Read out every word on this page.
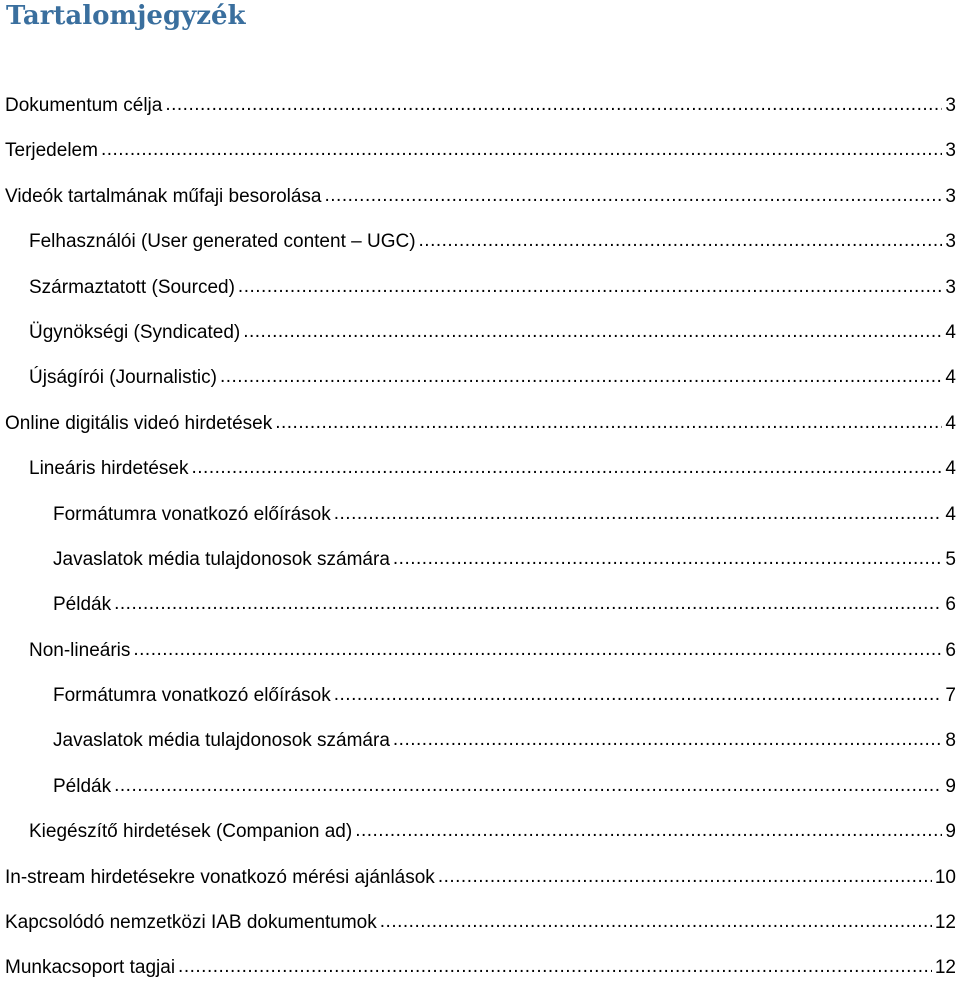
Tartalomjegyzék
Dokumentum célja .....	3
Terjedelem .....	3
Videók tartalmának műfaji besorolása .....	3
Felhasználói (User generated content – UGC) .....	3
Származtatott (Sourced) .....	3
Ügynökségi (Syndicated) .....	4
Újságírói (Journalistic) .....	4
Online digitális videó hirdetések .....	4
Lineáris hirdetések .....	4
Formátumra vonatkozó előírások .....	4
Javaslatok média tulajdonosok számára .....	5
Példák .....	6
Non-lineáris .....	6
Formátumra vonatkozó előírások .....	7
Javaslatok média tulajdonosok számára .....	8
Példák .....	9
Kiegészítő hirdetések (Companion ad) .....	9
In-stream hirdetésekre vonatkozó mérési ajánlások .....	10
Kapcsolódó nemzetközi IAB dokumentumok .....	12
Munkacsoport tagjai .....	12
